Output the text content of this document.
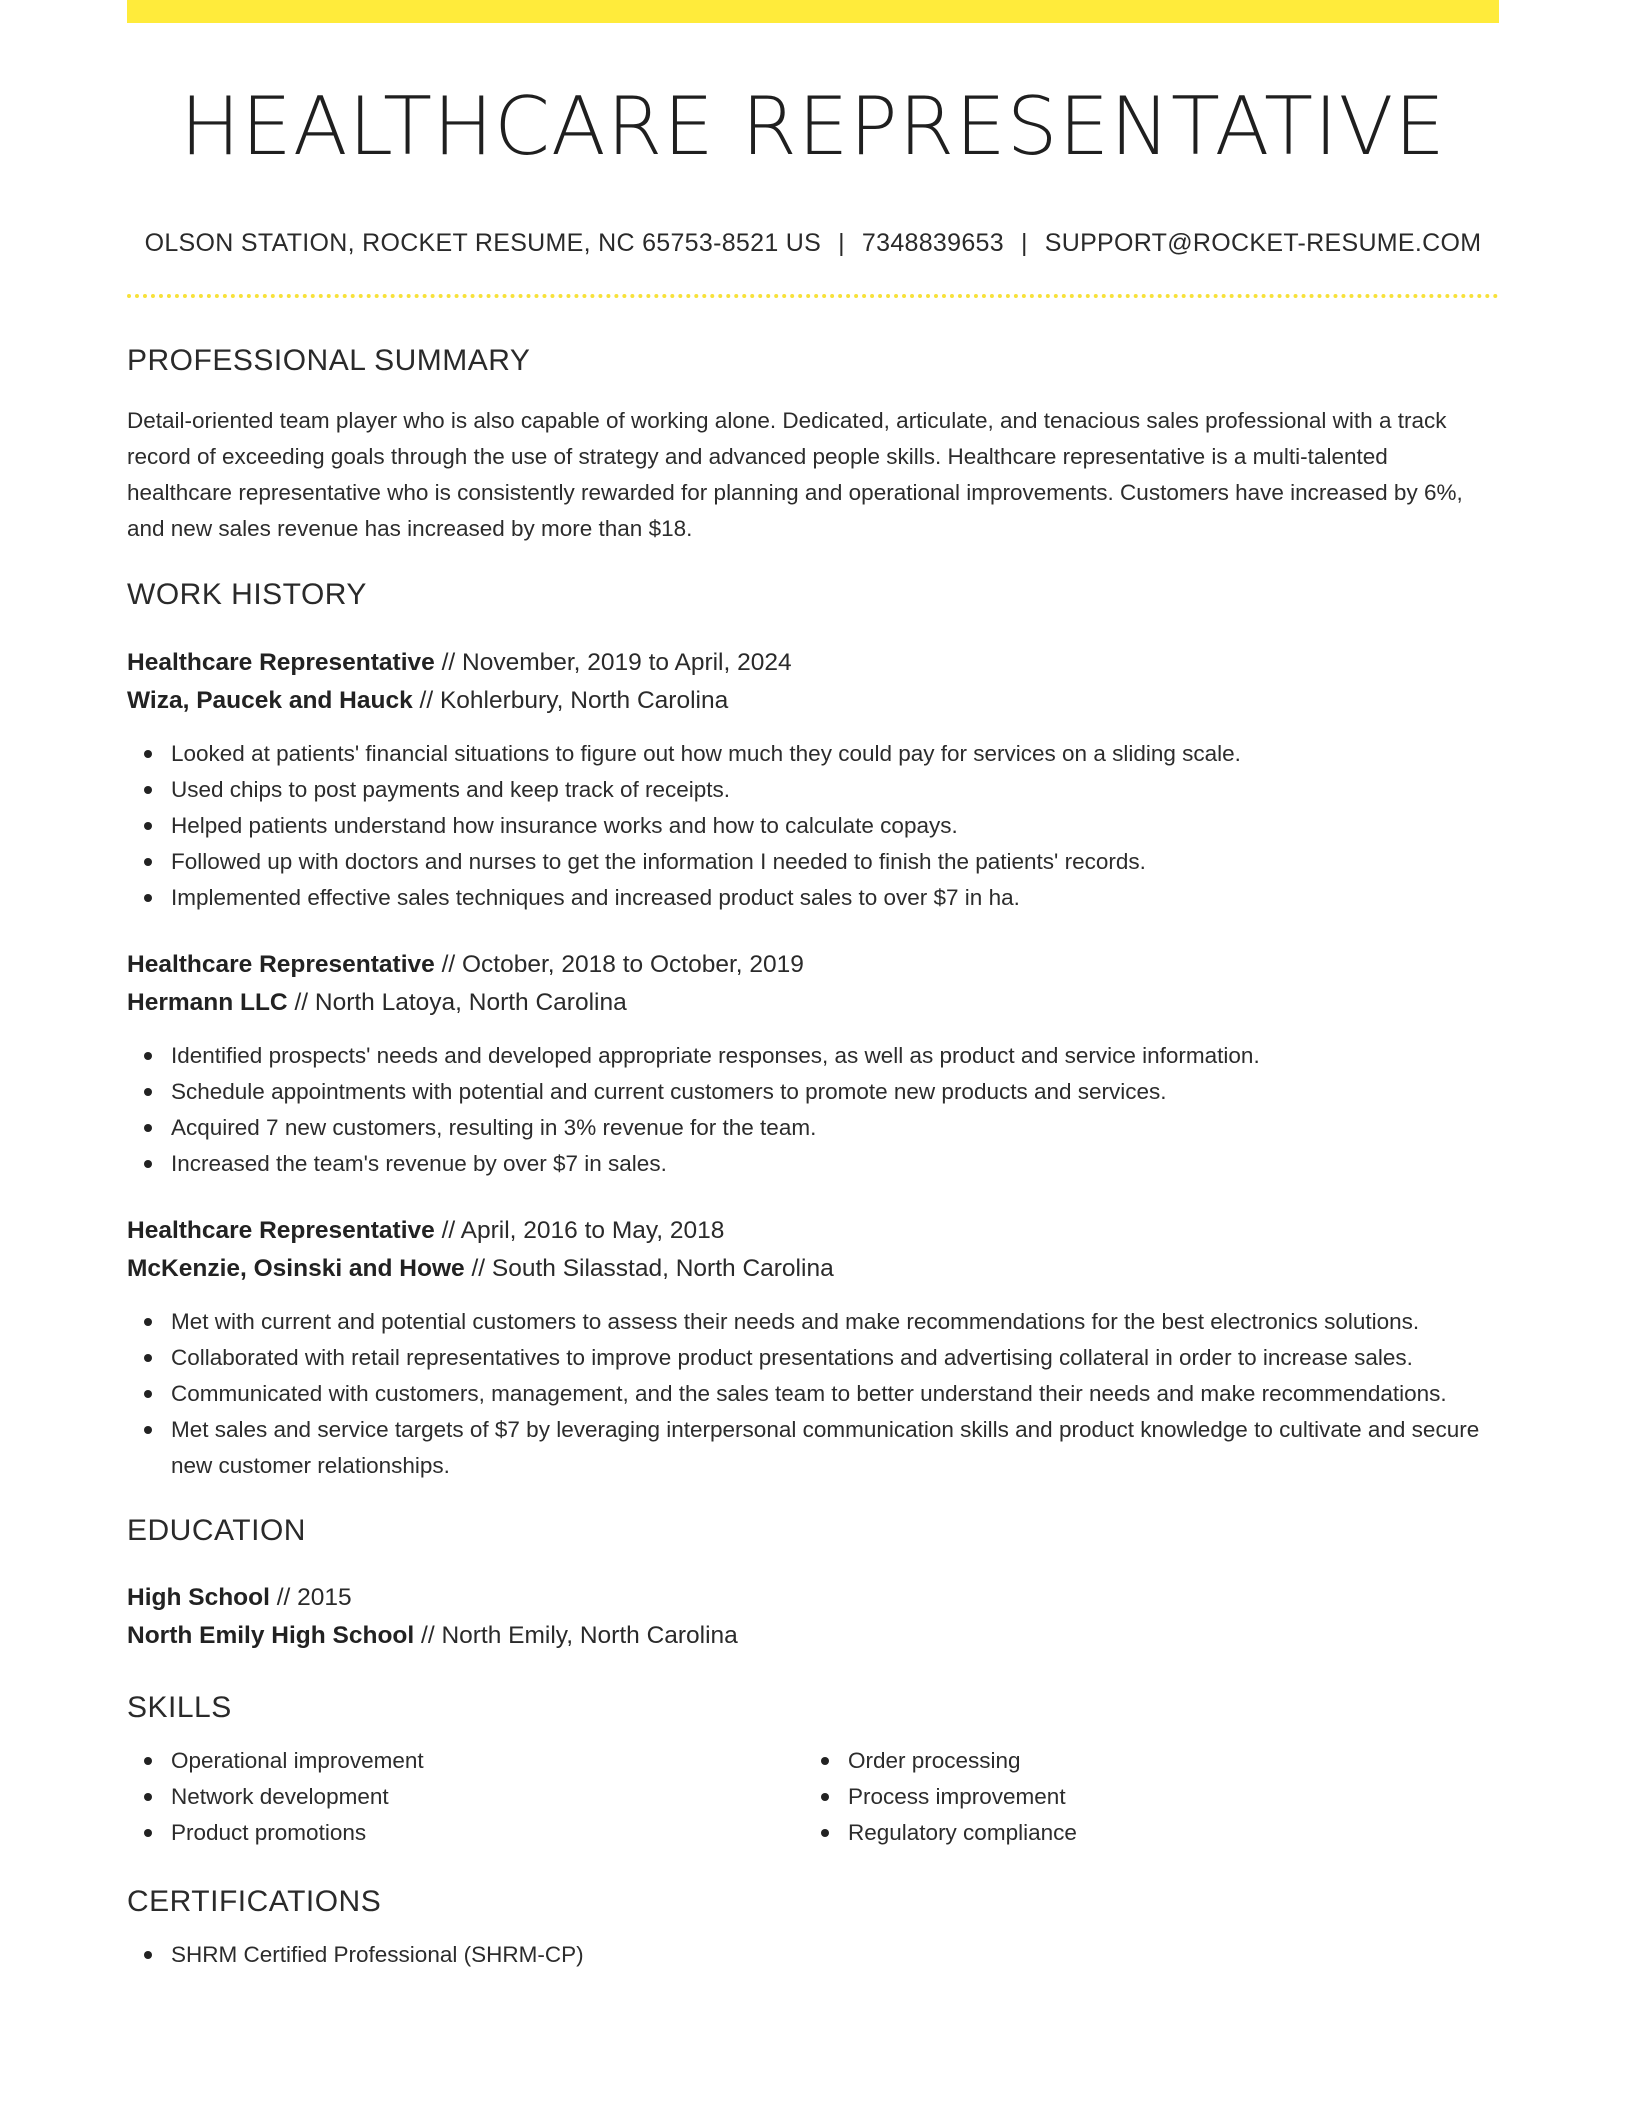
HEALTHCARE REPRESENTATIVE
OLSON STATION, ROCKET RESUME, NC 65753-8521 US | 7348839653 | SUPPORT@ROCKET-RESUME.COM
PROFESSIONAL SUMMARY
Detail-oriented team player who is also capable of working alone. Dedicated, articulate, and tenacious sales professional with a track record of exceeding goals through the use of strategy and advanced people skills. Healthcare representative is a multi-talented healthcare representative who is consistently rewarded for planning and operational improvements. Customers have increased by 6%, and new sales revenue has increased by more than $18.
WORK HISTORY
Healthcare Representative // November, 2019 to April, 2024
Wiza, Paucek and Hauck // Kohlerbury, North Carolina
Looked at patients' financial situations to figure out how much they could pay for services on a sliding scale.
Used chips to post payments and keep track of receipts.
Helped patients understand how insurance works and how to calculate copays.
Followed up with doctors and nurses to get the information I needed to finish the patients' records.
Implemented effective sales techniques and increased product sales to over $7 in ha.
Healthcare Representative // October, 2018 to October, 2019
Hermann LLC // North Latoya, North Carolina
Identified prospects' needs and developed appropriate responses, as well as product and service information.
Schedule appointments with potential and current customers to promote new products and services.
Acquired 7 new customers, resulting in 3% revenue for the team.
Increased the team's revenue by over $7 in sales.
Healthcare Representative // April, 2016 to May, 2018
McKenzie, Osinski and Howe // South Silasstad, North Carolina
Met with current and potential customers to assess their needs and make recommendations for the best electronics solutions.
Collaborated with retail representatives to improve product presentations and advertising collateral in order to increase sales.
Communicated with customers, management, and the sales team to better understand their needs and make recommendations.
Met sales and service targets of $7 by leveraging interpersonal communication skills and product knowledge to cultivate and secure new customer relationships.
EDUCATION
High School // 2015
North Emily High School // North Emily, North Carolina
SKILLS
Operational improvement
Network development
Product promotions
Order processing
Process improvement
Regulatory compliance
CERTIFICATIONS
SHRM Certified Professional (SHRM-CP)
